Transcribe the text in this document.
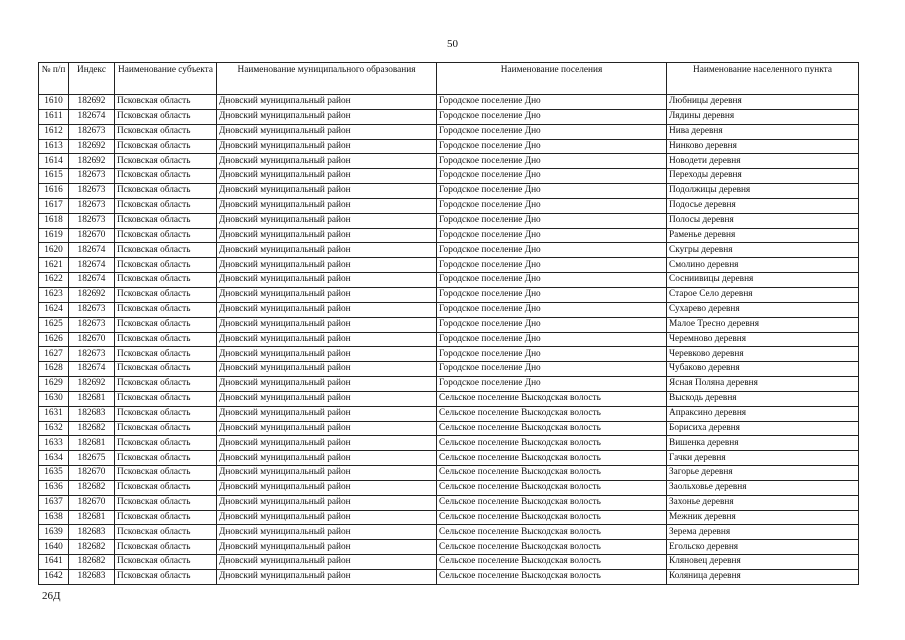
50
№ п/п	Индекс	Наименование субъекта	Наименование муниципального образования	Наименование поселения	Наименование населенного пункта
1610	182692	Псковская область	Дновский муниципальный район	Городское поселение Дно	Любницы деревня
1611	182674	Псковская область	Дновский муниципальный район	Городское поселение Дно	Лядины деревня
1612	182673	Псковская область	Дновский муниципальный район	Городское поселение Дно	Нива деревня
1613	182692	Псковская область	Дновский муниципальный район	Городское поселение Дно	Нинково деревня
1614	182692	Псковская область	Дновский муниципальный район	Городское поселение Дно	Новодети деревня
1615	182673	Псковская область	Дновский муниципальный район	Городское поселение Дно	Переходы деревня
1616	182673	Псковская область	Дновский муниципальный район	Городское поселение Дно	Подолжицы деревня
1617	182673	Псковская область	Дновский муниципальный район	Городское поселение Дно	Подосье деревня
1618	182673	Псковская область	Дновский муниципальный район	Городское поселение Дно	Полосы деревня
1619	182670	Псковская область	Дновский муниципальный район	Городское поселение Дно	Раменье деревня
1620	182674	Псковская область	Дновский муниципальный район	Городское поселение Дно	Скугры деревня
1621	182674	Псковская область	Дновский муниципальный район	Городское поселение Дно	Смолино деревня
1622	182674	Псковская область	Дновский муниципальный район	Городское поселение Дно	Сосниивицы деревня
1623	182692	Псковская область	Дновский муниципальный район	Городское поселение Дно	Старое Село деревня
1624	182673	Псковская область	Дновский муниципальный район	Городское поселение Дно	Сухарево деревня
1625	182673	Псковская область	Дновский муниципальный район	Городское поселение Дно	Малое Тресно деревня
1626	182670	Псковская область	Дновский муниципальный район	Городское поселение Дно	Черемново деревня
1627	182673	Псковская область	Дновский муниципальный район	Городское поселение Дно	Черевково деревня
1628	182674	Псковская область	Дновский муниципальный район	Городское поселение Дно	Чубаково деревня
1629	182692	Псковская область	Дновский муниципальный район	Городское поселение Дно	Ясная Поляна деревня
1630	182681	Псковская область	Дновский муниципальный район	Сельское поселение Выскодская волость	Выскодь деревня
1631	182683	Псковская область	Дновский муниципальный район	Сельское поселение Выскодская волость	Апраксино деревня
1632	182682	Псковская область	Дновский муниципальный район	Сельское поселение Выскодская волость	Борисиха деревня
1633	182681	Псковская область	Дновский муниципальный район	Сельское поселение Выскодская волость	Вишенка деревня
1634	182675	Псковская область	Дновский муниципальный район	Сельское поселение Выскодская волость	Гачки деревня
1635	182670	Псковская область	Дновский муниципальный район	Сельское поселение Выскодская волость	Загорье деревня
1636	182682	Псковская область	Дновский муниципальный район	Сельское поселение Выскодская волость	Заольховье деревня
1637	182670	Псковская область	Дновский муниципальный район	Сельское поселение Выскодская волость	Захонье деревня
1638	182681	Псковская область	Дновский муниципальный район	Сельское поселение Выскодская волость	Межник деревня
1639	182683	Псковская область	Дновский муниципальный район	Сельское поселение Выскодская волость	Зерема деревня
1640	182682	Псковская область	Дновский муниципальный район	Сельское поселение Выскодская волость	Егольско деревня
1641	182682	Псковская область	Дновский муниципальный район	Сельское поселение Выскодская волость	Кляновец деревня
1642	182683	Псковская область	Дновский муниципальный район	Сельское поселение Выскодская волость	Коляница деревня
26Д
